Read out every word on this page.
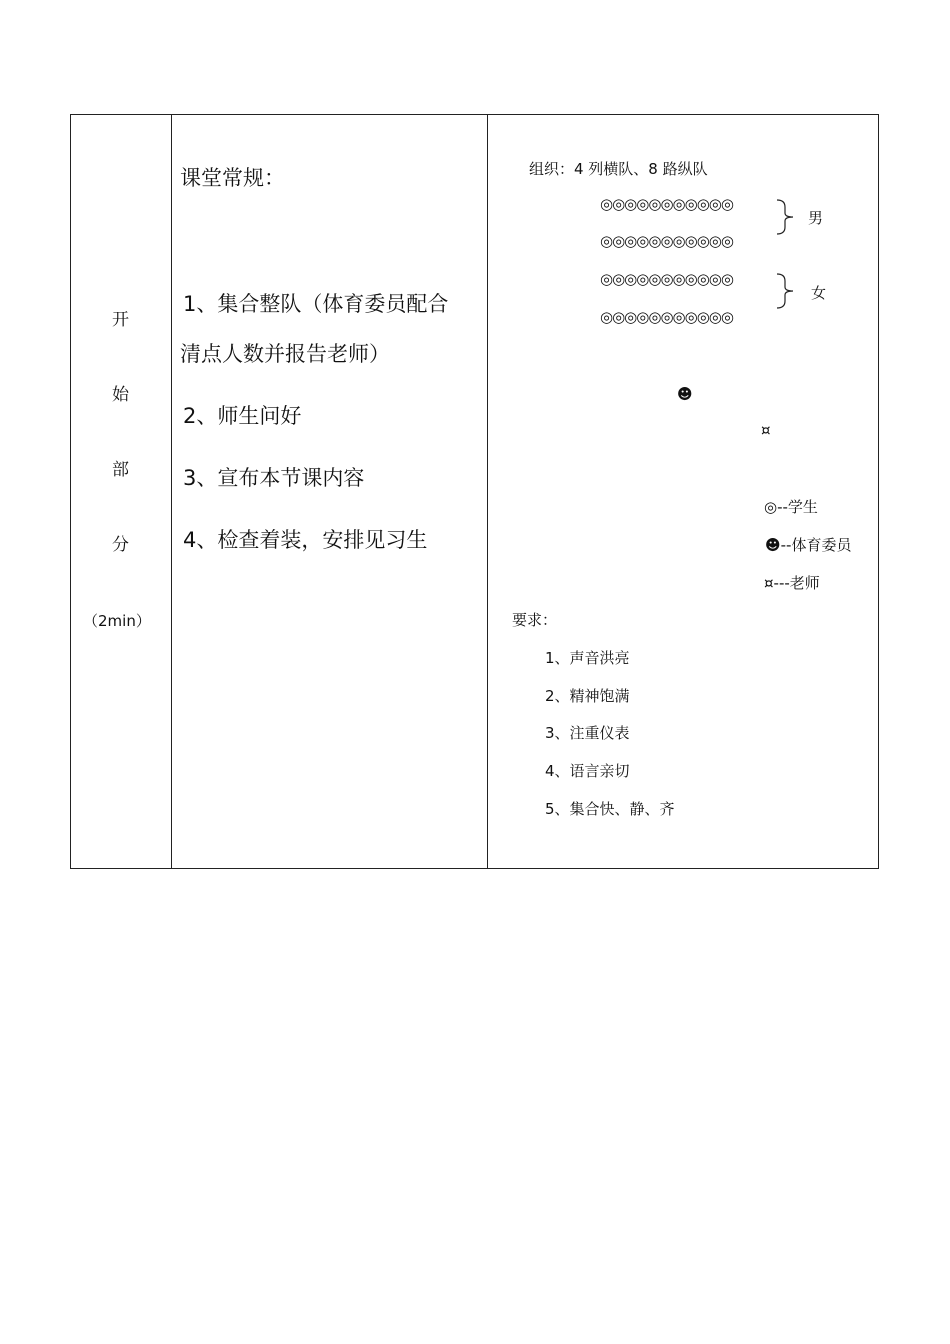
开
始
部
分
（2min）
课堂常规：
1、集合整队（体育委员配合
清点人数并报告老师）
2、师生问好
3、宣布本节课内容
4、检查着装，安排见习生
组织：4 列横队、8 路纵队
◎◎◎◎◎◎◎◎◎◎◎
◎◎◎◎◎◎◎◎◎◎◎
◎◎◎◎◎◎◎◎◎◎◎
◎◎◎◎◎◎◎◎◎◎◎
男
女
☻
¤
◎--学生
☻--体育委员
¤---老师
要求：
1、声音洪亮
2、精神饱满
3、注重仪表
4、语言亲切
5、集合快、静、齐
